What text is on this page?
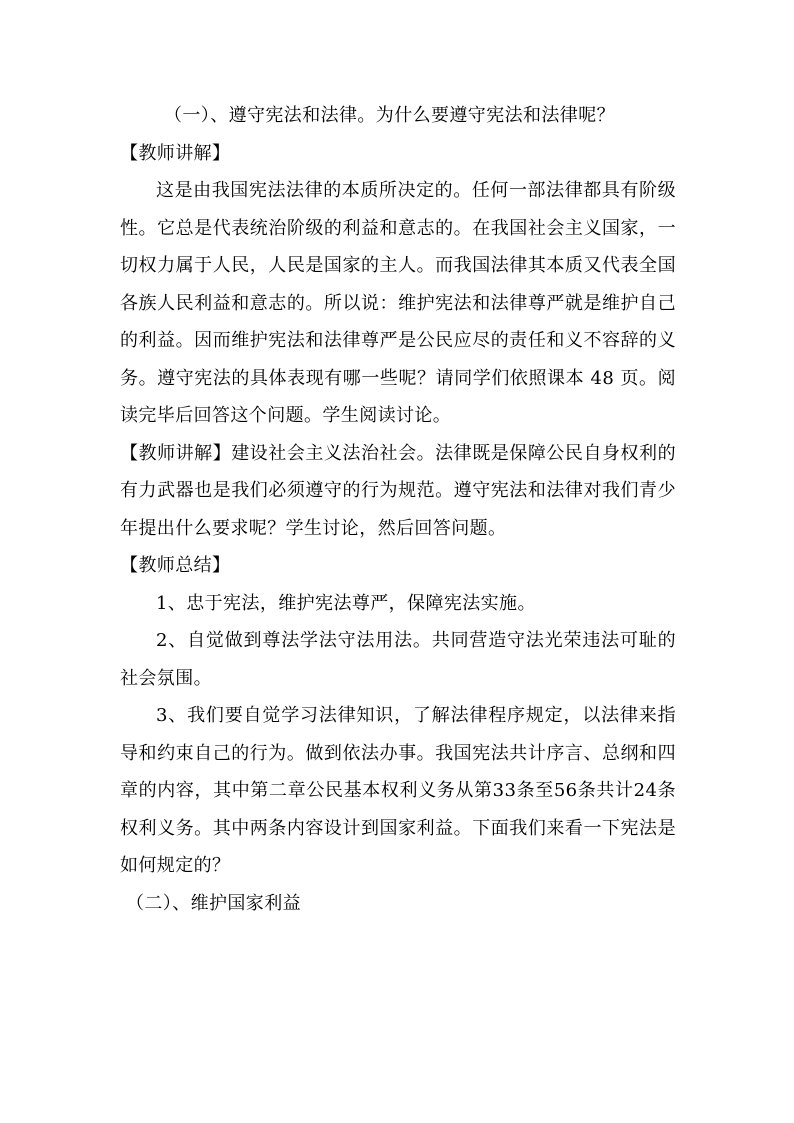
（一）、遵守宪法和法律。为什么要遵守宪法和法律呢？

【教师讲解】

这是由我国宪法法律的本质所决定的。任何一部法律都具有阶级性。它总是代表统治阶级的利益和意志的。在我国社会主义国家，一切权力属于人民，人民是国家的主人。而我国法律其本质又代表全国各族人民利益和意志的。所以说：维护宪法和法律尊严就是维护自己的利益。因而维护宪法和法律尊严是公民应尽的责任和义不容辞的义务。遵守宪法的具体表现有哪一些呢？请同学们依照课本 48 页。阅读完毕后回答这个问题。学生阅读讨论。

【教师讲解】建设社会主义法治社会。法律既是保障公民自身权利的有力武器也是我们必须遵守的行为规范。遵守宪法和法律对我们青少年提出什么要求呢？学生讨论，然后回答问题。

【教师总结】

1、忠于宪法，维护宪法尊严，保障宪法实施。

2、自觉做到尊法学法守法用法。共同营造守法光荣违法可耻的社会氛围。

3、我们要自觉学习法律知识，了解法律程序规定，以法律来指导和约束自己的行为。做到依法办事。我国宪法共计序言、总纲和四章的内容，其中第二章公民基本权利义务从第33条至56条共计24条权利义务。其中两条内容设计到国家利益。下面我们来看一下宪法是如何规定的？

（二）、维护国家利益
